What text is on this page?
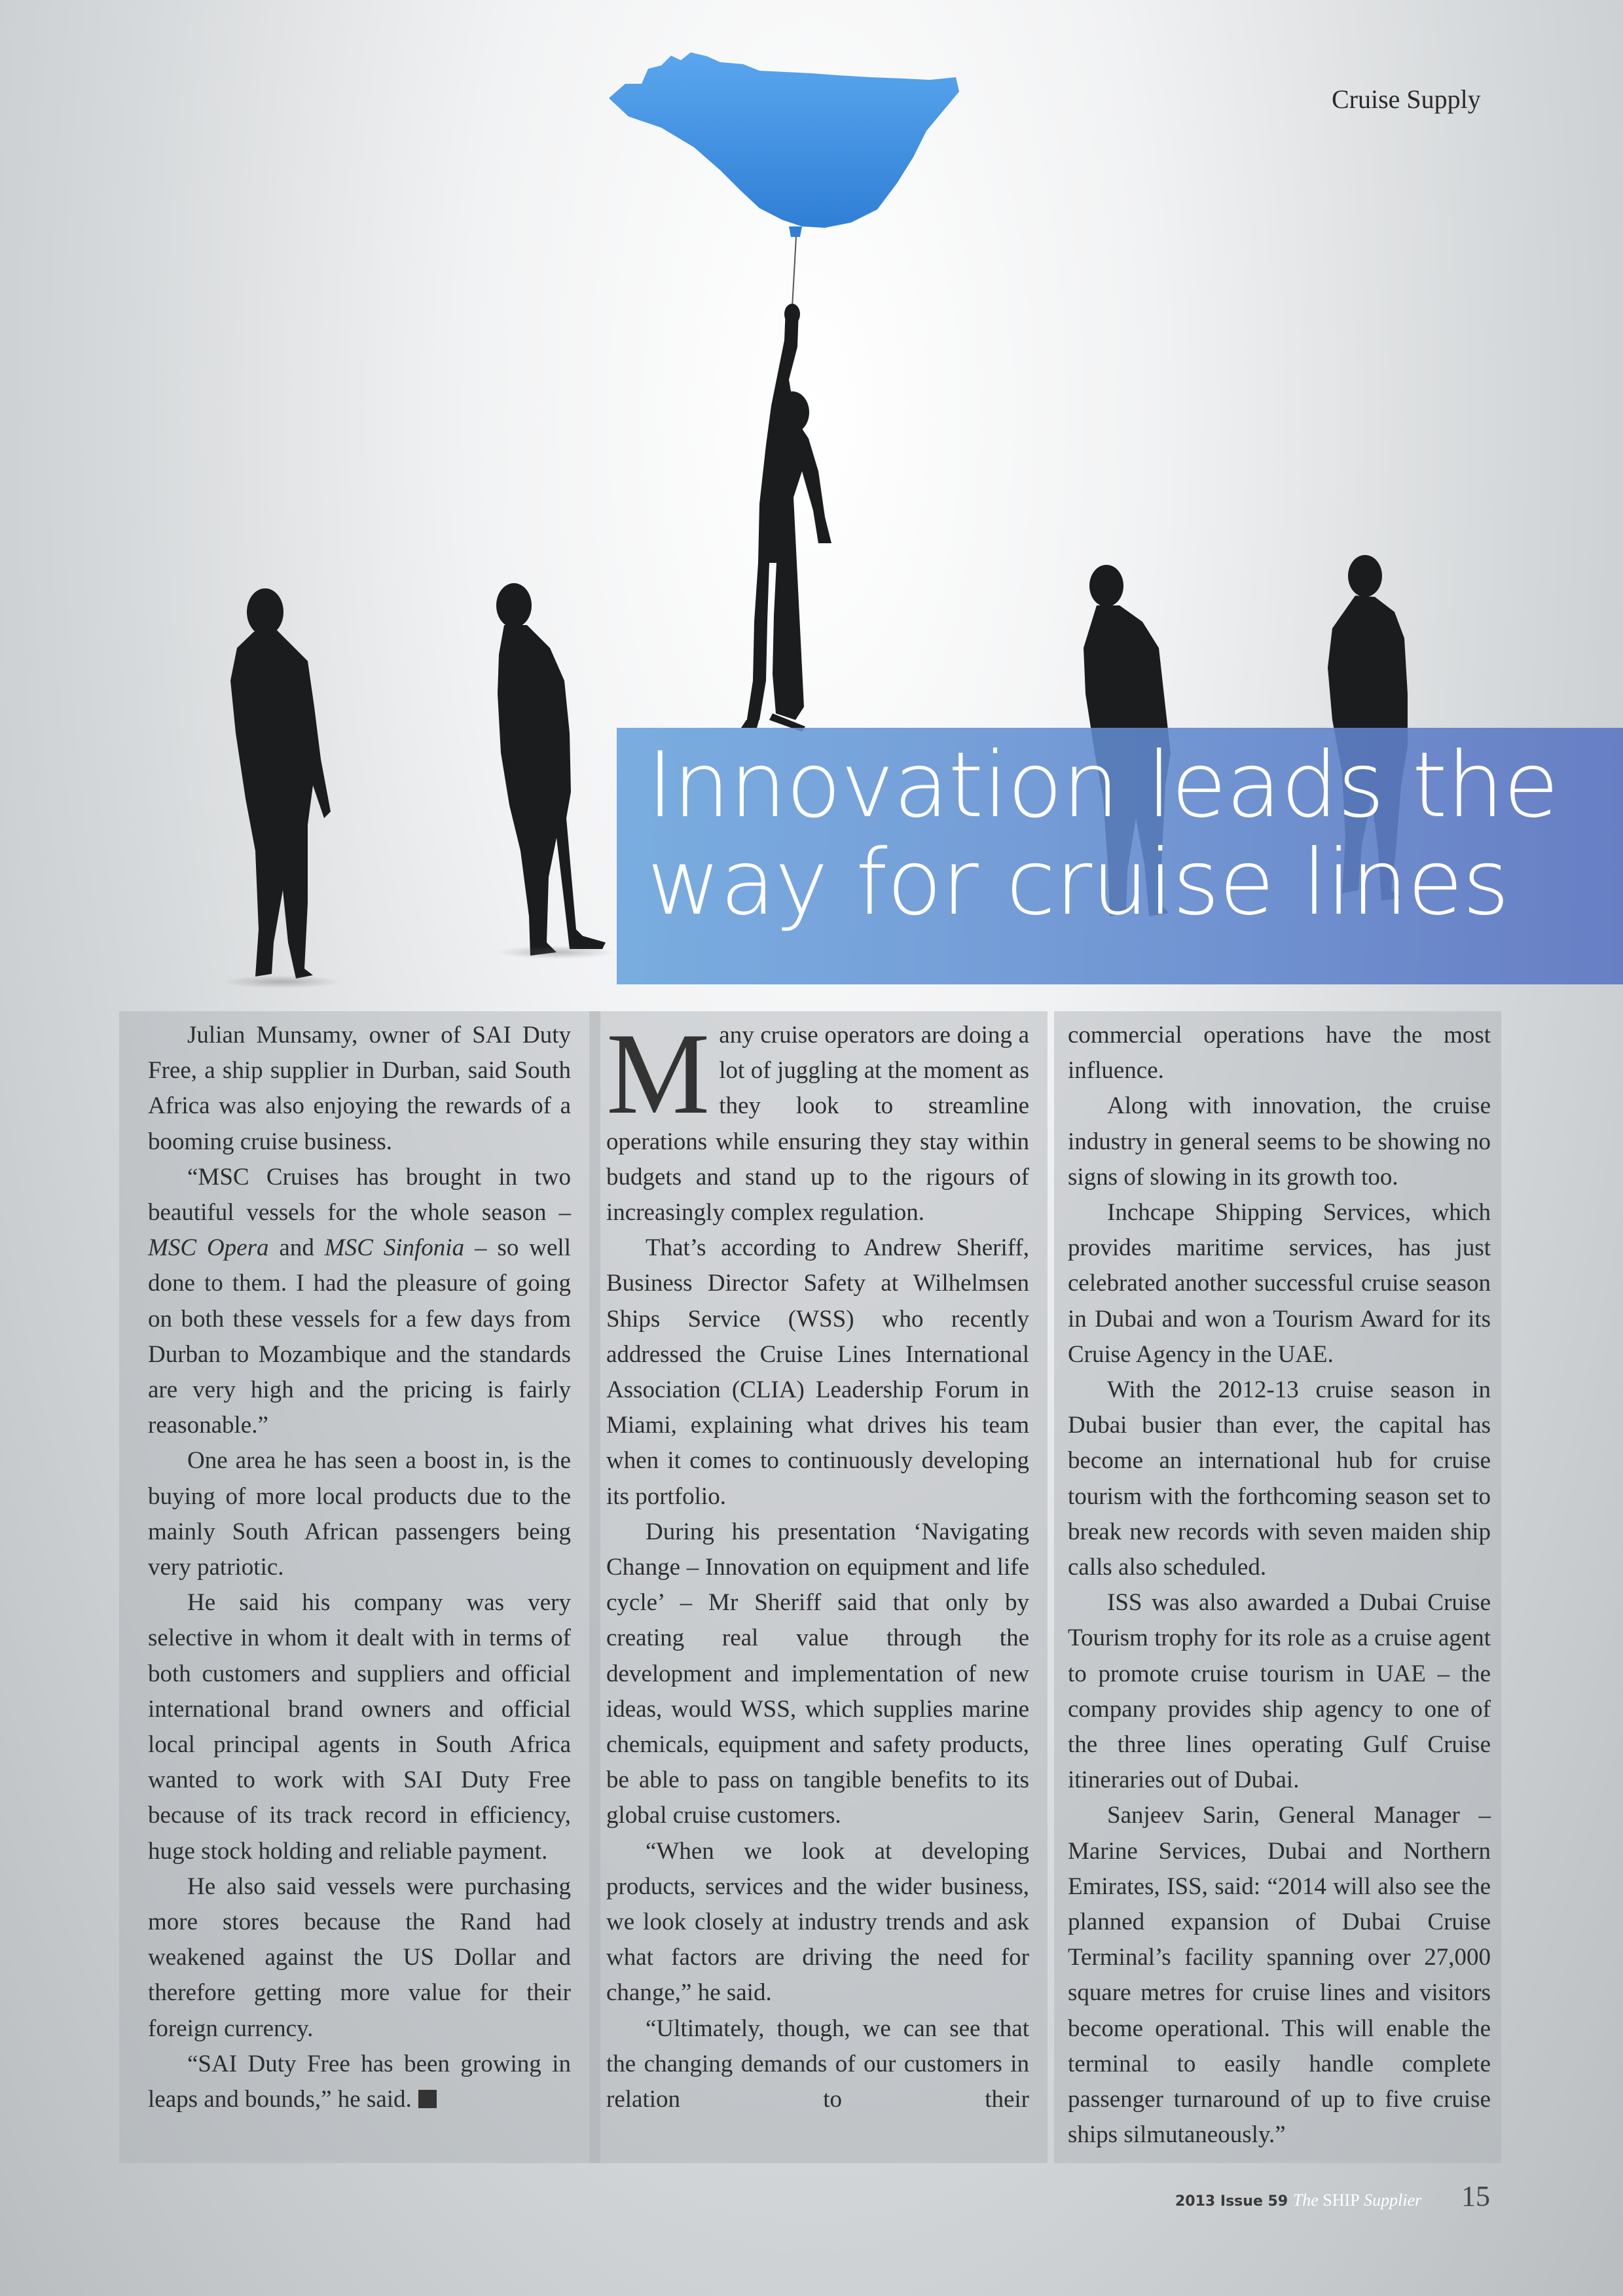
Cruise Supply
Innovation leads the way for cruise lines

Julian Munsamy, owner of SAI Duty Free, a ship supplier in Durban, said South Africa was also enjoying the rewards of a booming cruise business.

“MSC Cruises has brought in two beautiful vessels for the whole season – MSC Opera and MSC Sinfonia – so well done to them. I had the pleasure of going on both these vessels for a few days from Durban to Mozambique and the standards are very high and the pricing is fairly reasonable.”

One area he has seen a boost in, is the buying of more local products due to the mainly South African passengers being very patriotic.

He said his company was very selective in whom it dealt with in terms of both customers and suppliers and official international brand owners and official local principal agents in South Africa wanted to work with SAI Duty Free because of its track record in efficiency, huge stock holding and reliable payment.

He also said vessels were purchasing more stores because the Rand had weakened against the US Dollar and therefore getting more value for their foreign currency.

“SAI Duty Free has been growing in leaps and bounds,” he said.

Many cruise operators are doing a lot of juggling at the moment as they look to streamline operations while ensuring they stay within budgets and stand up to the rigours of increasingly complex regulation.

That’s according to Andrew Sheriff, Business Director Safety at Wilhelmsen Ships Service (WSS) who recently addressed the Cruise Lines International Association (CLIA) Leadership Forum in Miami, explaining what drives his team when it comes to continuously developing its portfolio.

During his presentation ‘Navigating Change – Innovation on equipment and life cycle’ – Mr Sheriff said that only by creating real value through the development and implementation of new ideas, would WSS, which supplies marine chemicals, equipment and safety products, be able to pass on tangible benefits to its global cruise customers.

“When we look at developing products, services and the wider business, we look closely at industry trends and ask what factors are driving the need for change,” he said.

“Ultimately, though, we can see that the changing demands of our customers in relation to their

commercial operations have the most influence.

Along with innovation, the cruise industry in general seems to be showing no signs of slowing in its growth too.

Inchcape Shipping Services, which provides maritime services, has just celebrated another successful cruise season in Dubai and won a Tourism Award for its Cruise Agency in the UAE.

With the 2012-13 cruise season in Dubai busier than ever, the capital has become an international hub for cruise tourism with the forthcoming season set to break new records with seven maiden ship calls also scheduled.

ISS was also awarded a Dubai Cruise Tourism trophy for its role as a cruise agent to promote cruise tourism in UAE – the company provides ship agency to one of the three lines operating Gulf Cruise itineraries out of Dubai.

Sanjeev Sarin, General Manager – Marine Services, Dubai and Northern Emirates, ISS, said: “2014 will also see the planned expansion of Dubai Cruise Terminal’s facility spanning over 27,000 square metres for cruise lines and visitors become operational. This will enable the terminal to easily handle complete passenger turnaround of up to five cruise ships silmutaneously.”

2013 Issue 59 The SHIP Supplier 15
